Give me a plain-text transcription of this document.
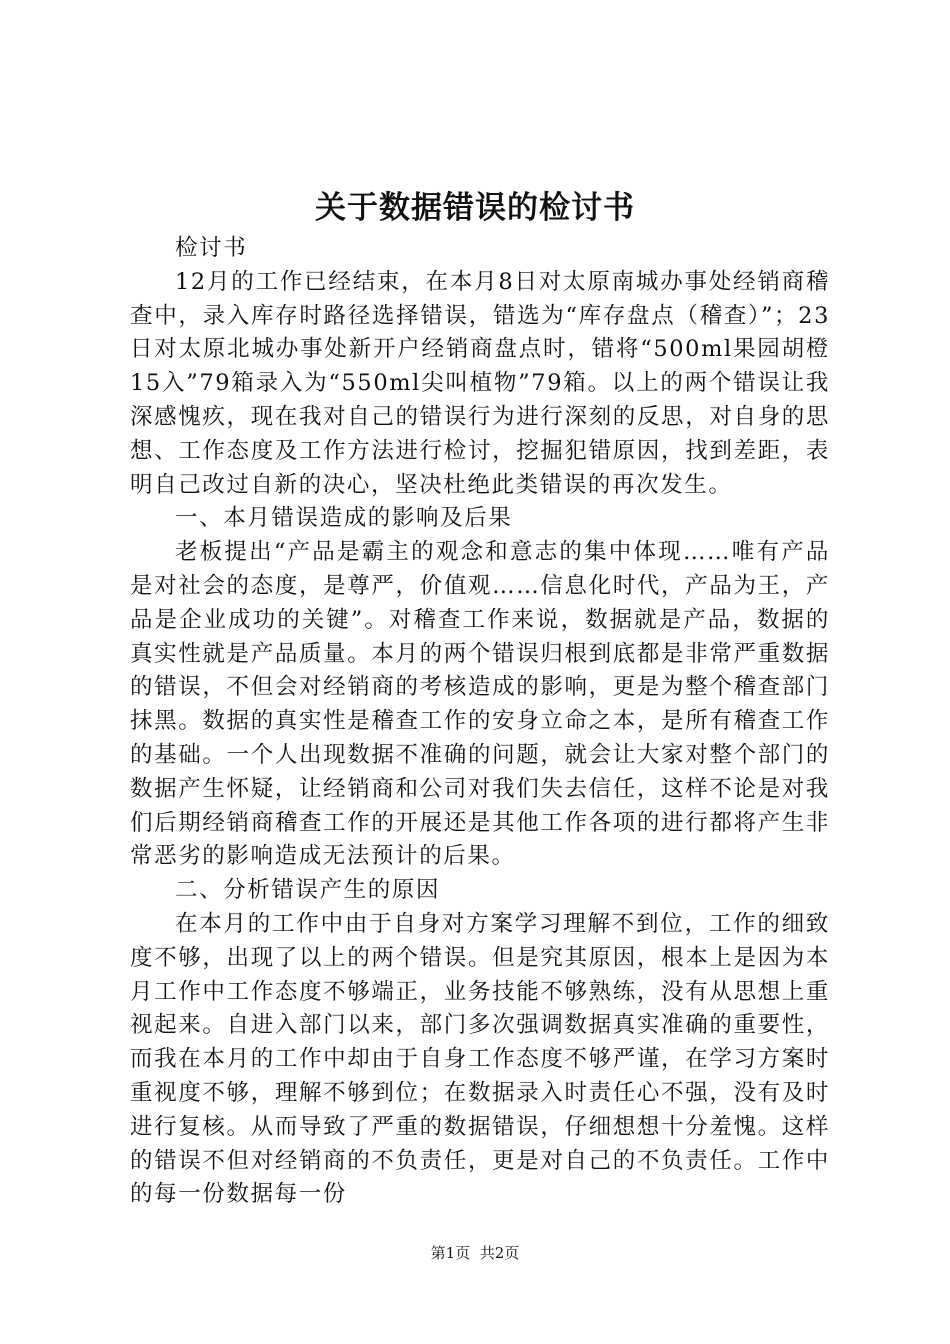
关于数据错误的检讨书

检讨书

12月的工作已经结束，在本月8日对太原南城办事处经销商稽查中，录入库存时路径选择错误，错选为“库存盘点（稽查）”；23日对太原北城办事处新开户经销商盘点时，错将“500ml果园胡橙15入”79箱录入为“550ml尖叫植物”79箱。以上的两个错误让我深感愧疚，现在我对自己的错误行为进行深刻的反思，对自身的思想、工作态度及工作方法进行检讨，挖掘犯错原因，找到差距，表明自己改过自新的决心，坚决杜绝此类错误的再次发生。

一、本月错误造成的影响及后果

老板提出“产品是霸主的观念和意志的集中体现……唯有产品是对社会的态度，是尊严，价值观……信息化时代，产品为王，产品是企业成功的关键”。对稽查工作来说，数据就是产品，数据的真实性就是产品质量。本月的两个错误归根到底都是非常严重数据的错误，不但会对经销商的考核造成的影响，更是为整个稽查部门抹黑。数据的真实性是稽查工作的安身立命之本，是所有稽查工作的基础。一个人出现数据不准确的问题，就会让大家对整个部门的数据产生怀疑，让经销商和公司对我们失去信任，这样不论是对我们后期经销商稽查工作的开展还是其他工作各项的进行都将产生非常恶劣的影响造成无法预计的后果。

二、分析错误产生的原因

在本月的工作中由于自身对方案学习理解不到位，工作的细致度不够，出现了以上的两个错误。但是究其原因，根本上是因为本月工作中工作态度不够端正，业务技能不够熟练，没有从思想上重视起来。自进入部门以来，部门多次强调数据真实准确的重要性，而我在本月的工作中却由于自身工作态度不够严谨，在学习方案时重视度不够，理解不够到位；在数据录入时责任心不强，没有及时进行复核。从而导致了严重的数据错误，仔细想想十分羞愧。这样的错误不但对经销商的不负责任，更是对自己的不负责任。工作中的每一份数据每一份

第1页 共2页
